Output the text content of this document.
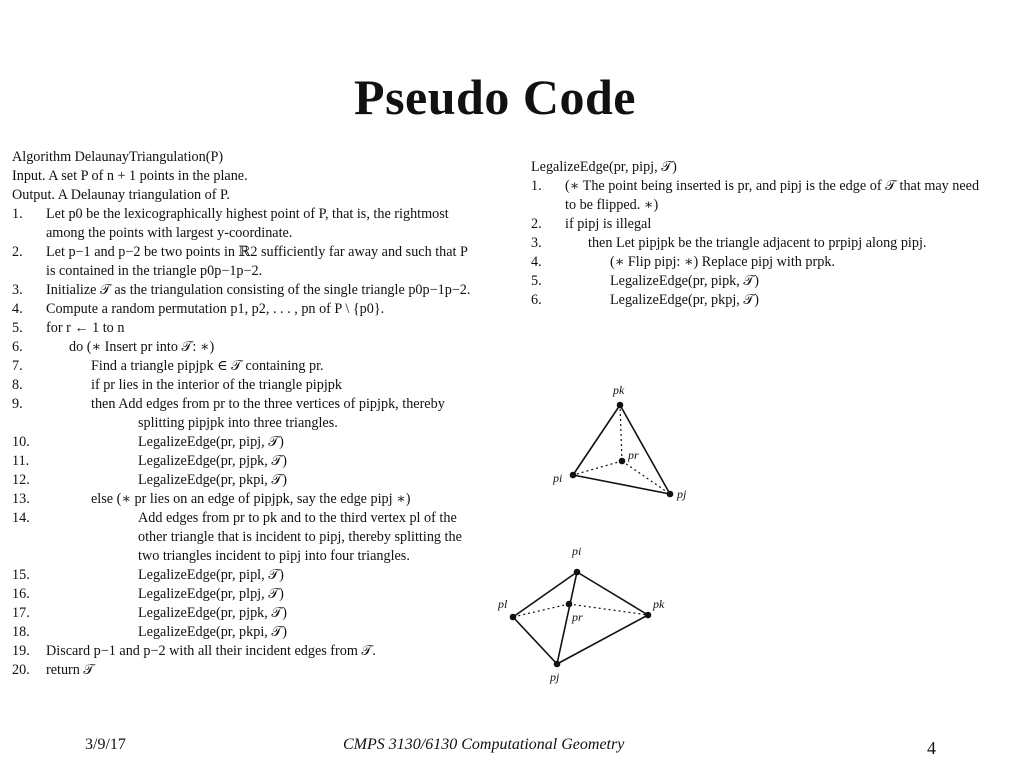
Pseudo Code
Algorithm DelaunayTriangulation(P)
Input. A set P of n + 1 points in the plane.
Output. A Delaunay triangulation of P.
1.	Let p0 be the lexicographically highest point of P, that is, the rightmost
among the points with largest y-coordinate.
2.	Let p−1 and p−2 be two points in ℝ2 sufficiently far away and such that P
is contained in the triangle p0p−1p−2.
3.	Initialize 𝒯 as the triangulation consisting of the single triangle p0p−1p−2.
4.	Compute a random permutation p1, p2, . . . , pn of P \ {p0}.
5.	for r ← 1 to n
6.	do (∗ Insert pr into 𝒯: ∗)
7.	Find a triangle pipjpk ∈ 𝒯 containing pr.
8.	if pr lies in the interior of the triangle pipjpk
9.	then Add edges from pr to the three vertices of pipjpk, thereby
splitting pipjpk into three triangles.
10.	LegalizeEdge(pr, pipj, 𝒯)
11.	LegalizeEdge(pr, pjpk, 𝒯)
12.	LegalizeEdge(pr, pkpi, 𝒯)
13.	else (∗ pr lies on an edge of pipjpk, say the edge pipj ∗)
14.	Add edges from pr to pk and to the third vertex pl of the
other triangle that is incident to pipj, thereby splitting the
two triangles incident to pipj into four triangles.
15.	LegalizeEdge(pr, pipl, 𝒯)
16.	LegalizeEdge(pr, plpj, 𝒯)
17.	LegalizeEdge(pr, pjpk, 𝒯)
18.	LegalizeEdge(pr, pkpi, 𝒯)
19.	Discard p−1 and p−2 with all their incident edges from 𝒯.
20.	return 𝒯
LegalizeEdge(pr, pipj, 𝒯)
1.	(∗ The point being inserted is pr, and pipj is the edge of 𝒯 that may need
to be flipped. ∗)
2.	if pipj is illegal
3.	then Let pipjpk be the triangle adjacent to prpipj along pipj.
4.	(∗ Flip pipj: ∗) Replace pipj with prpk.
5.	LegalizeEdge(pr, pipk, 𝒯)
6.	LegalizeEdge(pr, pkpj, 𝒯)
pk
pr
pi
pj
pi
pr
pl	pk
pj
3/9/17	CMPS 3130/6130 Computational Geometry	4
